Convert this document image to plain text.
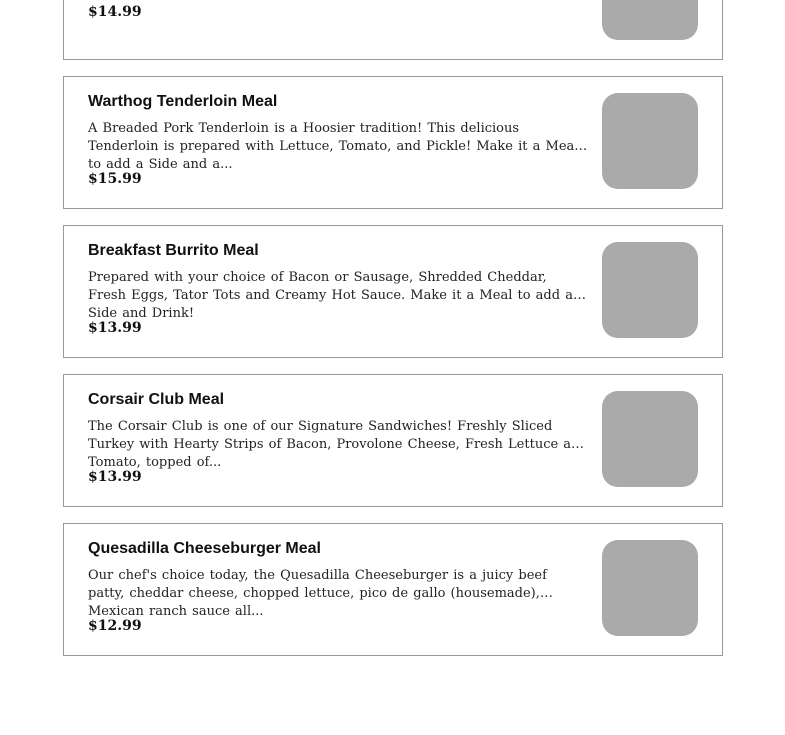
$14.99
Warthog Tenderloin Meal
A Breaded Pork Tenderloin is a Hoosier tradition! This delicious Tenderloin is prepared with Lettuce, Tomato, and Pickle! Make it a Meal to add a Side and a...
$15.99
Breakfast Burrito Meal
Prepared with your choice of Bacon or Sausage, Shredded Cheddar, Fresh Eggs, Tator Tots and Creamy Hot Sauce. Make it a Meal to add a Side and Drink!
$13.99
Corsair Club Meal
The Corsair Club is one of our Signature Sandwiches! Freshly Sliced Turkey with Hearty Strips of Bacon, Provolone Cheese, Fresh Lettuce and Tomato, topped of...
$13.99
Quesadilla Cheeseburger Meal
Our chef's choice today, the Quesadilla Cheeseburger is a juicy beef patty, cheddar cheese, chopped lettuce, pico de gallo (housemade), Mexican ranch sauce all...
$12.99
